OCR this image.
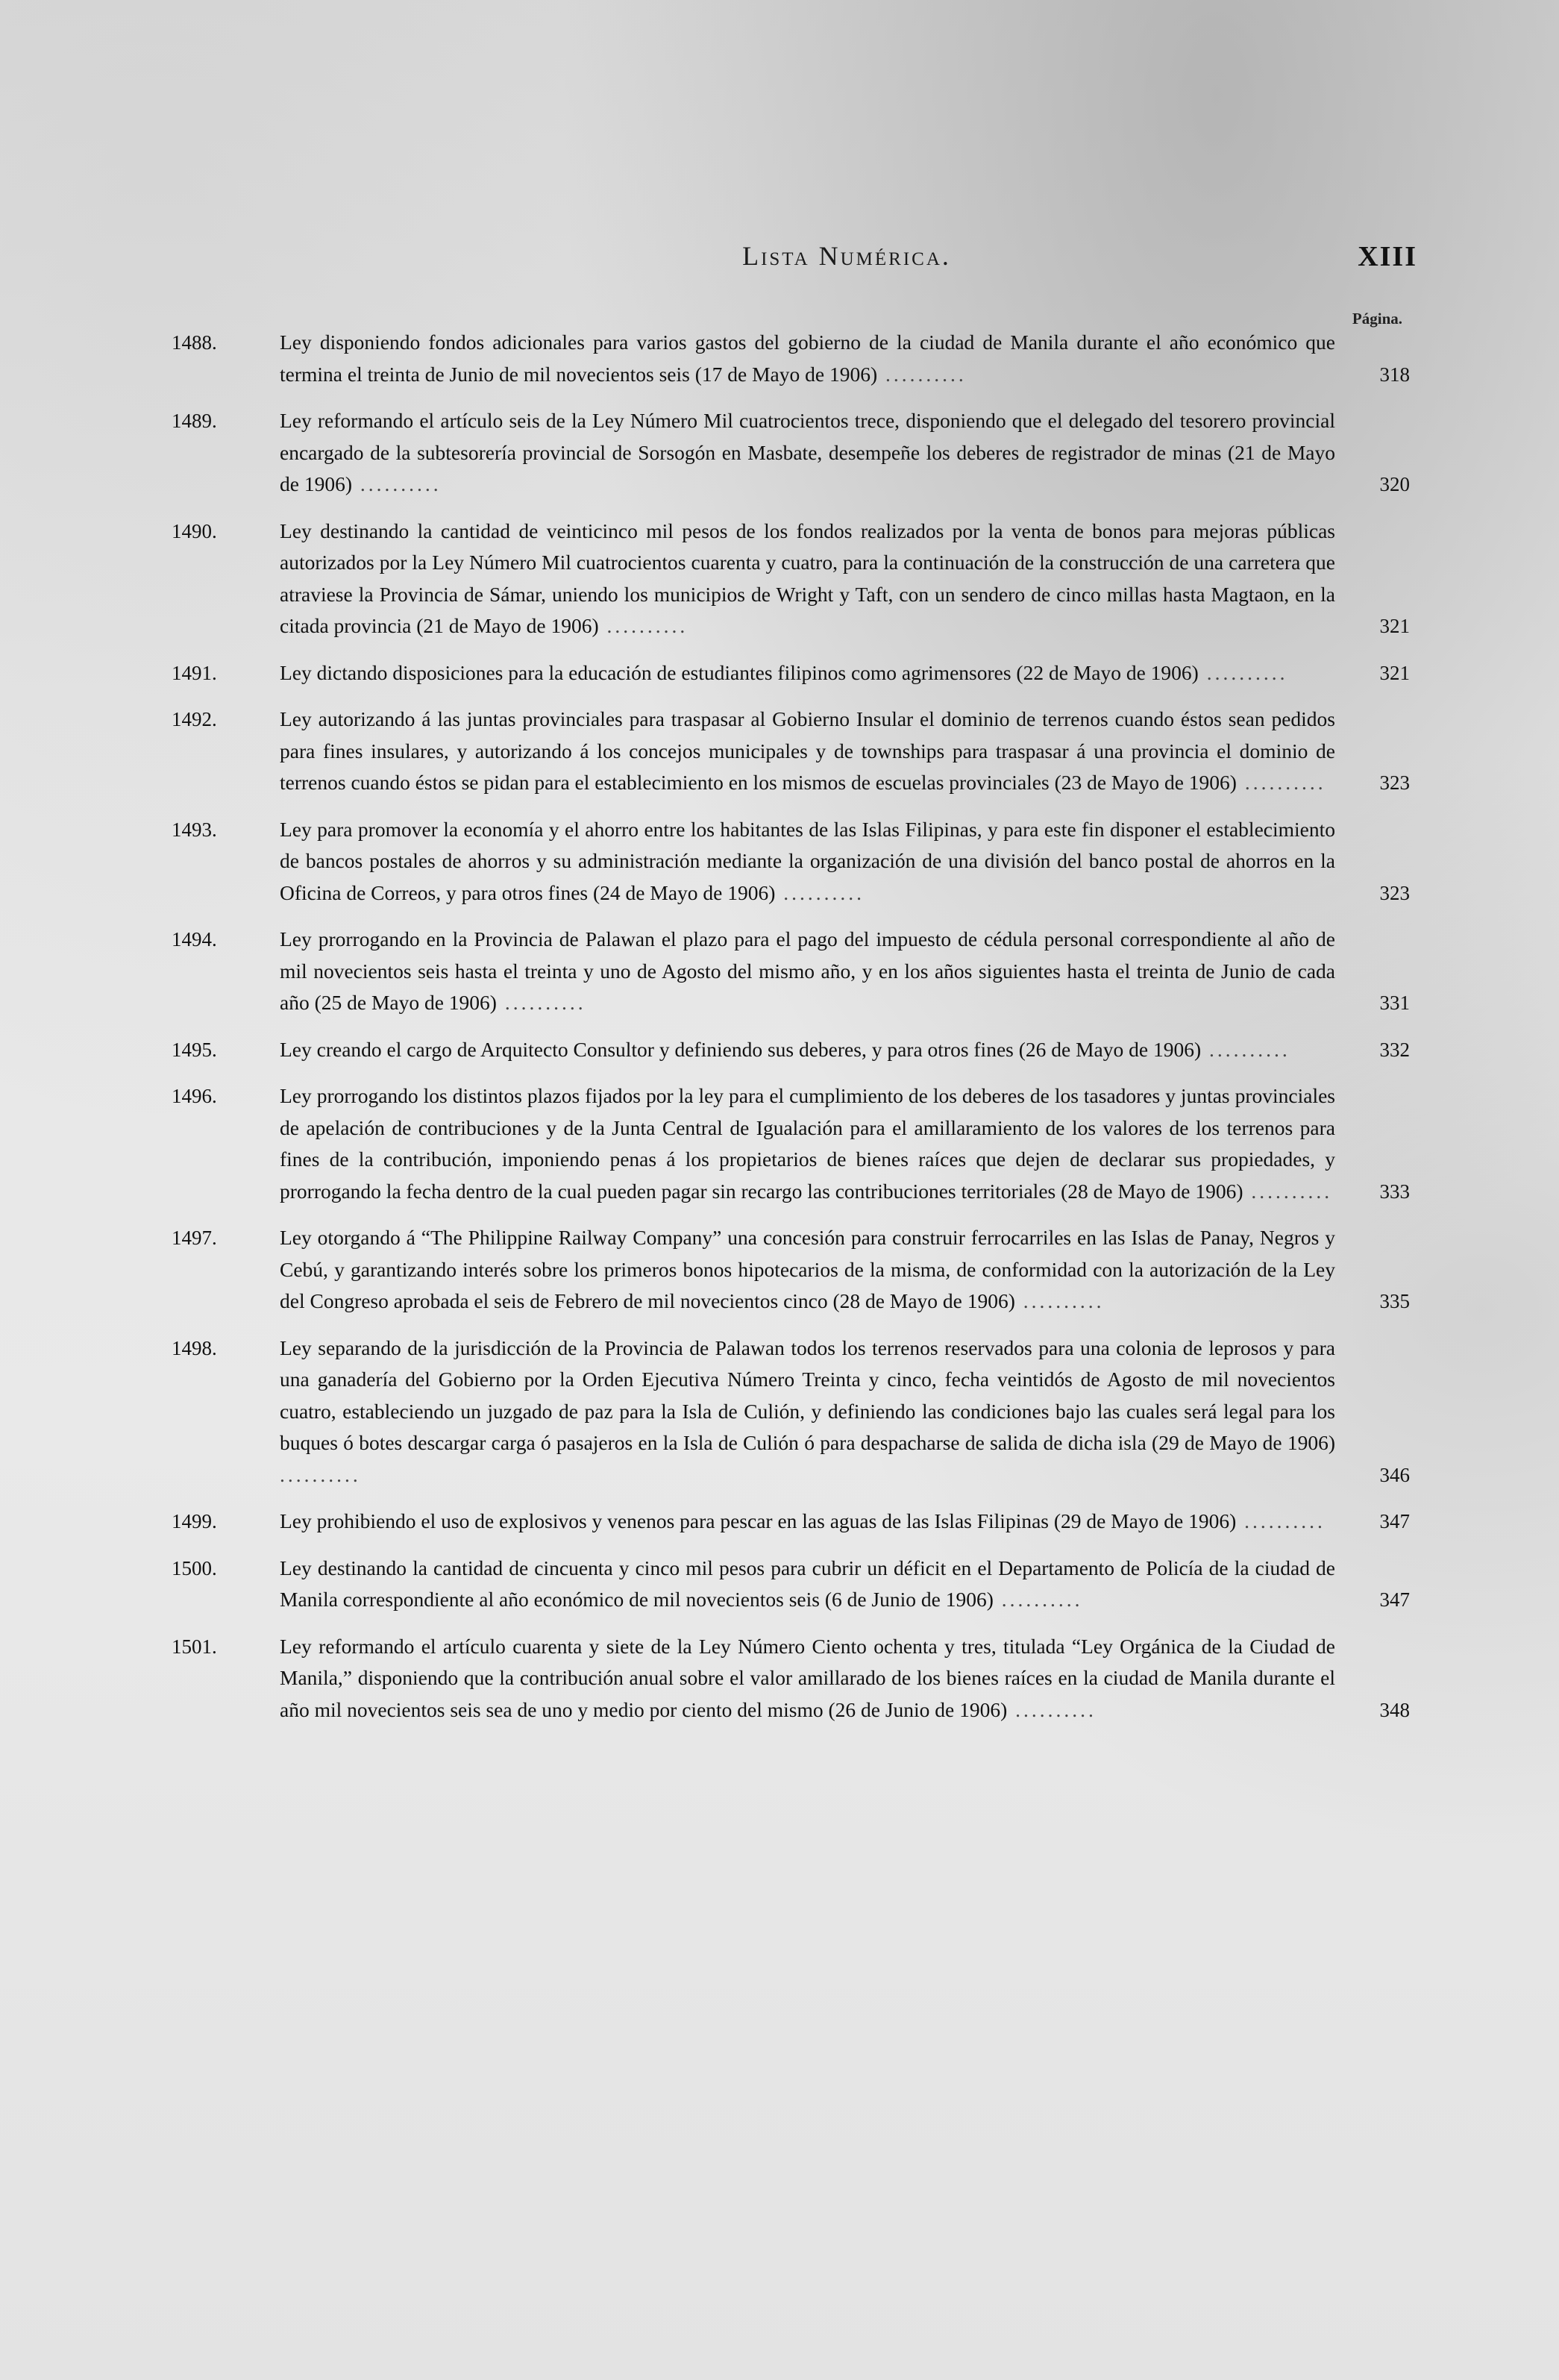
Lista Numérica.	XIII
Página.
1488.	Ley disponiendo fondos adicionales para varios gastos del gobierno de la ciudad de Manila durante el año económico que termina el treinta de Junio de mil novecientos seis (17 de Mayo de 1906) ..........	318
1489.	Ley reformando el artículo seis de la Ley Número Mil cuatrocientos trece, disponiendo que el delegado del tesorero provincial encargado de la subtesorería provincial de Sorsogón en Masbate, desempeñe los deberes de registrador de minas (21 de Mayo de 1906) ..........	320
1490.	Ley destinando la cantidad de veinticinco mil pesos de los fondos realizados por la venta de bonos para mejoras públicas autorizados por la Ley Número Mil cuatrocientos cuarenta y cuatro, para la continuación de la construcción de una carretera que atraviese la Provincia de Sámar, uniendo los municipios de Wright y Taft, con un sendero de cinco millas hasta Magtaon, en la citada provincia (21 de Mayo de 1906) ..........	321
1491.	Ley dictando disposiciones para la educación de estudiantes filipinos como agrimensores (22 de Mayo de 1906) ..........	321
1492.	Ley autorizando á las juntas provinciales para traspasar al Gobierno Insular el dominio de terrenos cuando éstos sean pedidos para fines insulares, y autorizando á los concejos municipales y de townships para traspasar á una provincia el dominio de terrenos cuando éstos se pidan para el establecimiento en los mismos de escuelas provinciales (23 de Mayo de 1906) ..........	323
1493.	Ley para promover la economía y el ahorro entre los habitantes de las Islas Filipinas, y para este fin disponer el establecimiento de bancos postales de ahorros y su administración mediante la organización de una división del banco postal de ahorros en la Oficina de Correos, y para otros fines (24 de Mayo de 1906) ..........	323
1494.	Ley prorrogando en la Provincia de Palawan el plazo para el pago del impuesto de cédula personal correspondiente al año de mil novecientos seis hasta el treinta y uno de Agosto del mismo año, y en los años siguientes hasta el treinta de Junio de cada año (25 de Mayo de 1906) ..........	331
1495.	Ley creando el cargo de Arquitecto Consultor y definiendo sus deberes, y para otros fines (26 de Mayo de 1906) ..........	332
1496.	Ley prorrogando los distintos plazos fijados por la ley para el cumplimiento de los deberes de los tasadores y juntas provinciales de apelación de contribuciones y de la Junta Central de Igualación para el amillaramiento de los valores de los terrenos para fines de la contribución, imponiendo penas á los propietarios de bienes raíces que dejen de declarar sus propiedades, y prorrogando la fecha dentro de la cual pueden pagar sin recargo las contribuciones territoriales (28 de Mayo de 1906) ..........	333
1497.	Ley otorgando á “The Philippine Railway Company” una concesión para construir ferrocarriles en las Islas de Panay, Negros y Cebú, y garantizando interés sobre los primeros bonos hipotecarios de la misma, de conformidad con la autorización de la Ley del Congreso aprobada el seis de Febrero de mil novecientos cinco (28 de Mayo de 1906) ..........	335
1498.	Ley separando de la jurisdicción de la Provincia de Palawan todos los terrenos reservados para una colonia de leprosos y para una ganadería del Gobierno por la Orden Ejecutiva Número Treinta y cinco, fecha veintidós de Agosto de mil novecientos cuatro, estableciendo un juzgado de paz para la Isla de Culión, y definiendo las condiciones bajo las cuales será legal para los buques ó botes descargar carga ó pasajeros en la Isla de Culión ó para despacharse de salida de dicha isla (29 de Mayo de 1906) ..........	346
1499.	Ley prohibiendo el uso de explosivos y venenos para pescar en las aguas de las Islas Filipinas (29 de Mayo de 1906) ..........	347
1500.	Ley destinando la cantidad de cincuenta y cinco mil pesos para cubrir un déficit en el Departamento de Policía de la ciudad de Manila correspondiente al año económico de mil novecientos seis (6 de Junio de 1906) ..........	347
1501.	Ley reformando el artículo cuarenta y siete de la Ley Número Ciento ochenta y tres, titulada “Ley Orgánica de la Ciudad de Manila,” disponiendo que la contribución anual sobre el valor amillarado de los bienes raíces en la ciudad de Manila durante el año mil novecientos seis sea de uno y medio por ciento del mismo (26 de Junio de 1906) ..........	348
